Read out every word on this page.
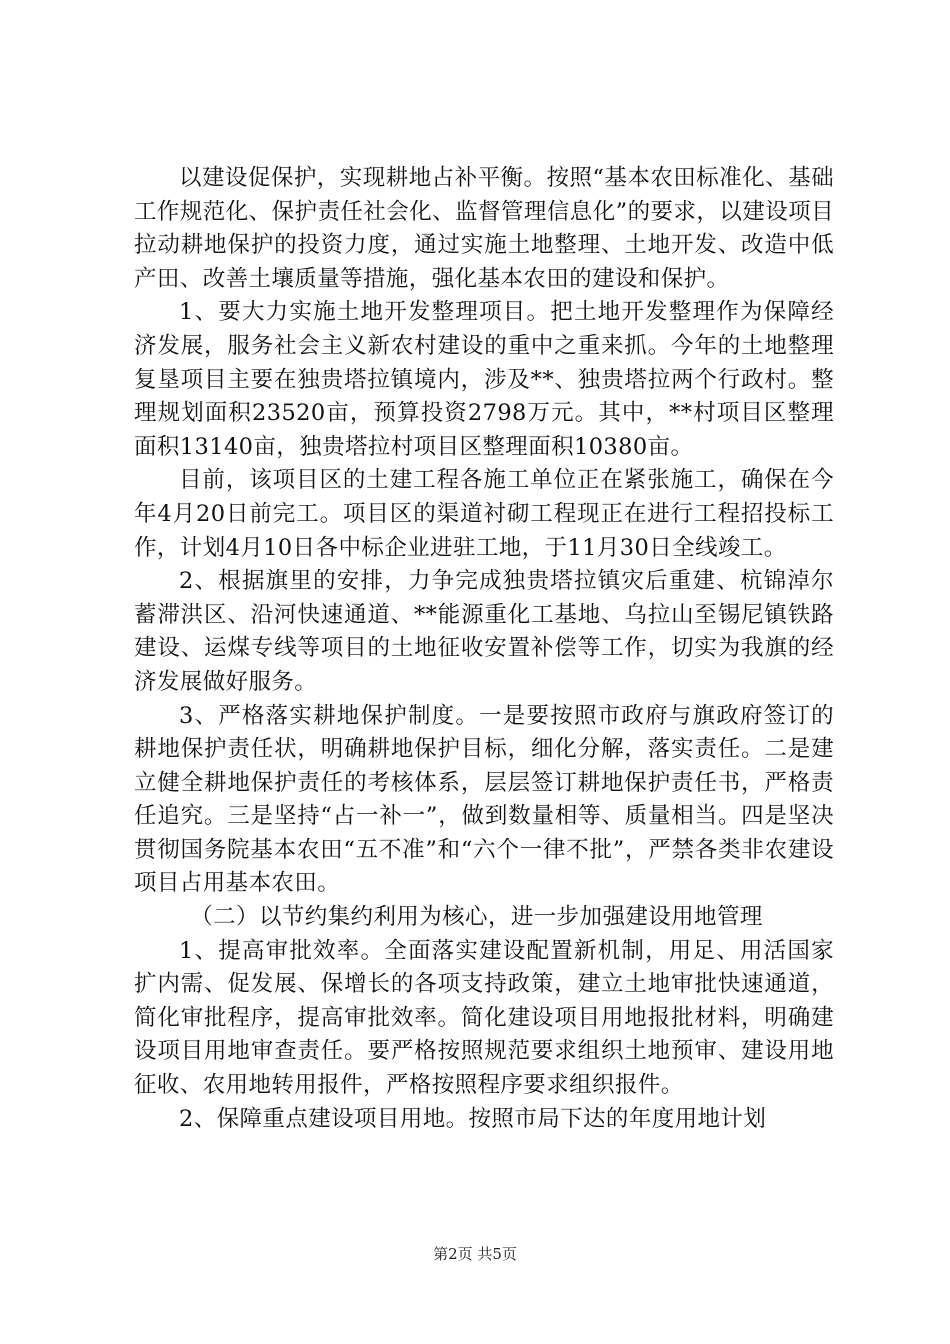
以建设促保护，实现耕地占补平衡。按照“基本农田标准化、基础工作规范化、保护责任社会化、监督管理信息化”的要求，以建设项目拉动耕地保护的投资力度，通过实施土地整理、土地开发、改造中低产田、改善土壤质量等措施，强化基本农田的建设和保护。

1、要大力实施土地开发整理项目。把土地开发整理作为保障经济发展，服务社会主义新农村建设的重中之重来抓。今年的土地整理复垦项目主要在独贵塔拉镇境内，涉及**、独贵塔拉两个行政村。整理规划面积23520亩，预算投资2798万元。其中，**村项目区整理面积13140亩，独贵塔拉村项目区整理面积10380亩。

目前，该项目区的土建工程各施工单位正在紧张施工，确保在今年4月20日前完工。项目区的渠道衬砌工程现正在进行工程招投标工作，计划4月10日各中标企业进驻工地，于11月30日全线竣工。

2、根据旗里的安排，力争完成独贵塔拉镇灾后重建、杭锦淖尔蓄滞洪区、沿河快速通道、**能源重化工基地、乌拉山至锡尼镇铁路建设、运煤专线等项目的土地征收安置补偿等工作，切实为我旗的经济发展做好服务。

3、严格落实耕地保护制度。一是要按照市政府与旗政府签订的耕地保护责任状，明确耕地保护目标，细化分解，落实责任。二是建立健全耕地保护责任的考核体系，层层签订耕地保护责任书，严格责任追究。三是坚持“占一补一”，做到数量相等、质量相当。四是坚决贯彻国务院基本农田“五不准”和“六个一律不批”，严禁各类非农建设项目占用基本农田。

（二）以节约集约利用为核心，进一步加强建设用地管理

1、提高审批效率。全面落实建设配置新机制，用足、用活国家扩内需、促发展、保增长的各项支持政策，建立土地审批快速通道，简化审批程序，提高审批效率。简化建设项目用地报批材料，明确建设项目用地审查责任。要严格按照规范要求组织土地预审、建设用地征收、农用地转用报件，严格按照程序要求组织报件。

2、保障重点建设项目用地。按照市局下达的年度用地计划

第2页 共5页
